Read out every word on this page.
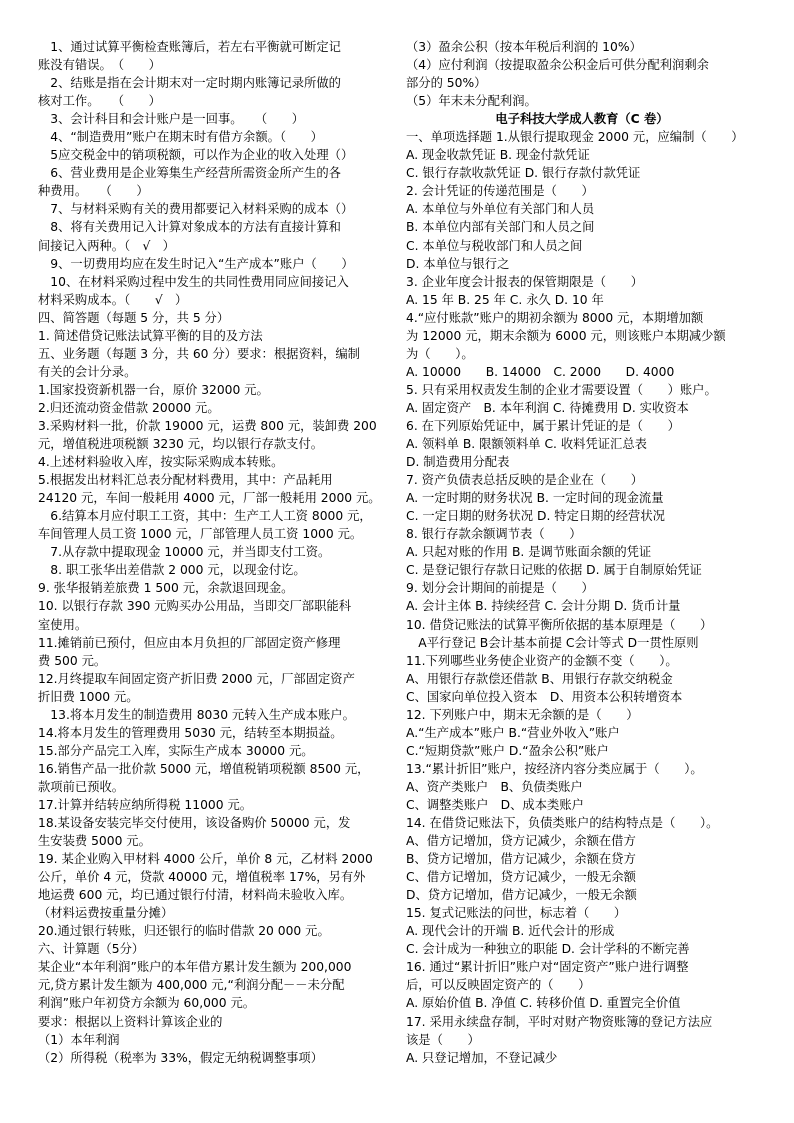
　1、通过试算平衡检查账簿后，若左右平衡就可断定记
账没有错误。　（　　）
　2、结账是指在会计期末对一定时期内账簿记录所做的
核对工作。　　（　　）
　3、会计科目和会计账户是一回事。　　（　　）
　4、“制造费用”账户在期末时有借方余额。（　　）
　5应交税金中的销项税额，可以作为企业的收入处理（）
　6、营业费用是企业筹集生产经营所需资金所产生的各
种费用。　　（　　）
　7、与材料采购有关的费用都要记入材料采购的成本（）
　8、将有关费用记入计算对象成本的方法有直接计算和
间接记入两种。（　√　）
　9、一切费用均应在发生时记入“生产成本”账户（　　）
　10、在材料采购过程中发生的共同性费用同应间接记入
材料采购成本。（　　√　）
四、简答题（每题 5 分，共 5 分）
1. 简述借贷记账法试算平衡的目的及方法
五、业务题（每题 3 分，共 60 分）要求：根据资料，编制
有关的会计分录。
1.国家投资新机器一台，原价 32000 元。
2.归还流动资金借款 20000 元。
3.采购材料一批，价款 19000 元，运费 800 元，装卸费 200
元，增值税进项税额 3230 元，均以银行存款支付。
4.上述材料验收入库，按实际采购成本转账。
5.根据发出材料汇总表分配材料费用，其中：产品耗用
24120 元，车间一般耗用 4000 元，厂部一般耗用 2000 元。
　6.结算本月应付职工工资，其中：生产工人工资 8000 元，
车间管理人员工资 1000 元，厂部管理人员工资 1000 元。
　7.从存款中提取现金 10000 元，并当即支付工资。
　8. 职工张华出差借款 2 000 元，以现金付讫。
9. 张华报销差旅费 1 500 元，余款退回现金。
10. 以银行存款 390 元购买办公用品，当即交厂部职能科
室使用。
11.摊销前已预付，但应由本月负担的厂部固定资产修理
费 500 元。
12.月终提取车间固定资产折旧费 2000 元，厂部固定资产
折旧费 1000 元。
　13.将本月发生的制造费用 8030 元转入生产成本账户。
14.将本月发生的管理费用 5030 元，结转至本期损益。
15.部分产品完工入库，实际生产成本 30000 元。
16.销售产品一批价款 5000 元，增值税销项税额 8500 元，
款项前已预收。
17.计算并结转应纳所得税 11000 元。
18.某设备安装完毕交付使用，该设备购价 50000 元，发
生安装费 5000 元。
19. 某企业购入甲材料 4000 公斤，单价 8 元，乙材料 2000
公斤，单价 4 元，贷款 40000 元，增值税率 17%，另有外
地运费 600 元，均已通过银行付清，材料尚未验收入库。
（材料运费按重量分摊）
20.通过银行转账，归还银行的临时借款 20 000 元。
六、计算题（5分）
某企业“本年利润”账户的本年借方累计发生额为 200,000
元,贷方累计发生额为 400,000 元,“利润分配－－未分配
利润”账户年初贷方余额为 60,000 元。
要求：根据以上资料计算该企业的
（1）本年利润
（2）所得税（税率为 33%，假定无纳税调整事项）
（3）盈余公积（按本年税后利润的 10%）
（4）应付利润（按提取盈余公积金后可供分配利润剩余
部分的 50%）
（5）年末未分配利润。
电子科技大学成人教育（C 卷）
一、单项选择题 1.从银行提取现金 2000 元，应编制（　　）
A. 现金收款凭证 B. 现金付款凭证
C. 银行存款收款凭证 D. 银行存款付款凭证
2. 会计凭证的传递范围是（　　）
A. 本单位与外单位有关部门和人员
B. 本单位内部有关部门和人员之间
C. 本单位与税收部门和人员之间
D. 本单位与银行之
3. 企业年度会计报表的保管期限是（　　）
A. 15 年 B. 25 年 C. 永久 D. 10 年
4.“应付账款”账户的期初余额为 8000 元，本期增加额
为 12000 元，期末余额为 6000 元，则该账户本期减少额
为（　　）。
A. 10000　　B. 14000　C. 2000　　D. 4000
5. 只有采用权责发生制的企业才需要设置（　　）账户。
A. 固定资产　B. 本年利润 C. 待摊费用 D. 实收资本
6. 在下列原始凭证中，属于累计凭证的是（　　）
A. 领料单 B. 限额领料单 C. 收料凭证汇总表
D. 制造费用分配表
7. 资产负债表总括反映的是企业在（　　）
A. 一定时期的财务状况 B. 一定时间的现金流量
C. 一定日期的财务状况 D. 特定日期的经营状况
8. 银行存款余额调节表（　　）
A. 只起对账的作用 B. 是调节账面余额的凭证
C. 是登记银行存款日记账的依据 D. 属于自制原始凭证
9. 划分会计期间的前提是（　　）
A. 会计主体 B. 持续经营 C. 会计分期 D. 货币计量
10. 借贷记账法的试算平衡所依据的基本原理是（　　）
　A平行登记 B会计基本前提 C会计等式 D一贯性原则
11.下列哪些业务使企业资产的金额不变（　　）。
A、用银行存款偿还借款 B、用银行存款交纳税金
C、国家向单位投入资本　D、用资本公积转增资本
12. 下列账户中，期末无余额的是（　　）
A.“生产成本”账户 B.“营业外收入”账户
C.“短期贷款”账户 D.“盈余公积”账户
13.“累计折旧”账户，按经济内容分类应属于（　　）。
A、资产类账户　B、负债类账户
C、调整类账户　D、成本类账户
14. 在借贷记账法下，负债类账户的结构特点是（　　）。
A、借方记增加，贷方记减少，余额在借方
B、贷方记增加，借方记减少，余额在贷方
C、借方记增加，贷方记减少，一般无余额
D、贷方记增加，借方记减少，一般无余额
15. 复式记账法的问世，标志着（　　）
A. 现代会计的开端 B. 近代会计的形成
C. 会计成为一种独立的职能 D. 会计学科的不断完善
16. 通过“累计折旧”账户对“固定资产”账户进行调整
后，可以反映固定资产的（　　）
A. 原始价值 B. 净值 C. 转移价值 D. 重置完全价值
17. 采用永续盘存制，平时对财产物资账簿的登记方法应
该是（　　）
A. 只登记增加，不登记减少
